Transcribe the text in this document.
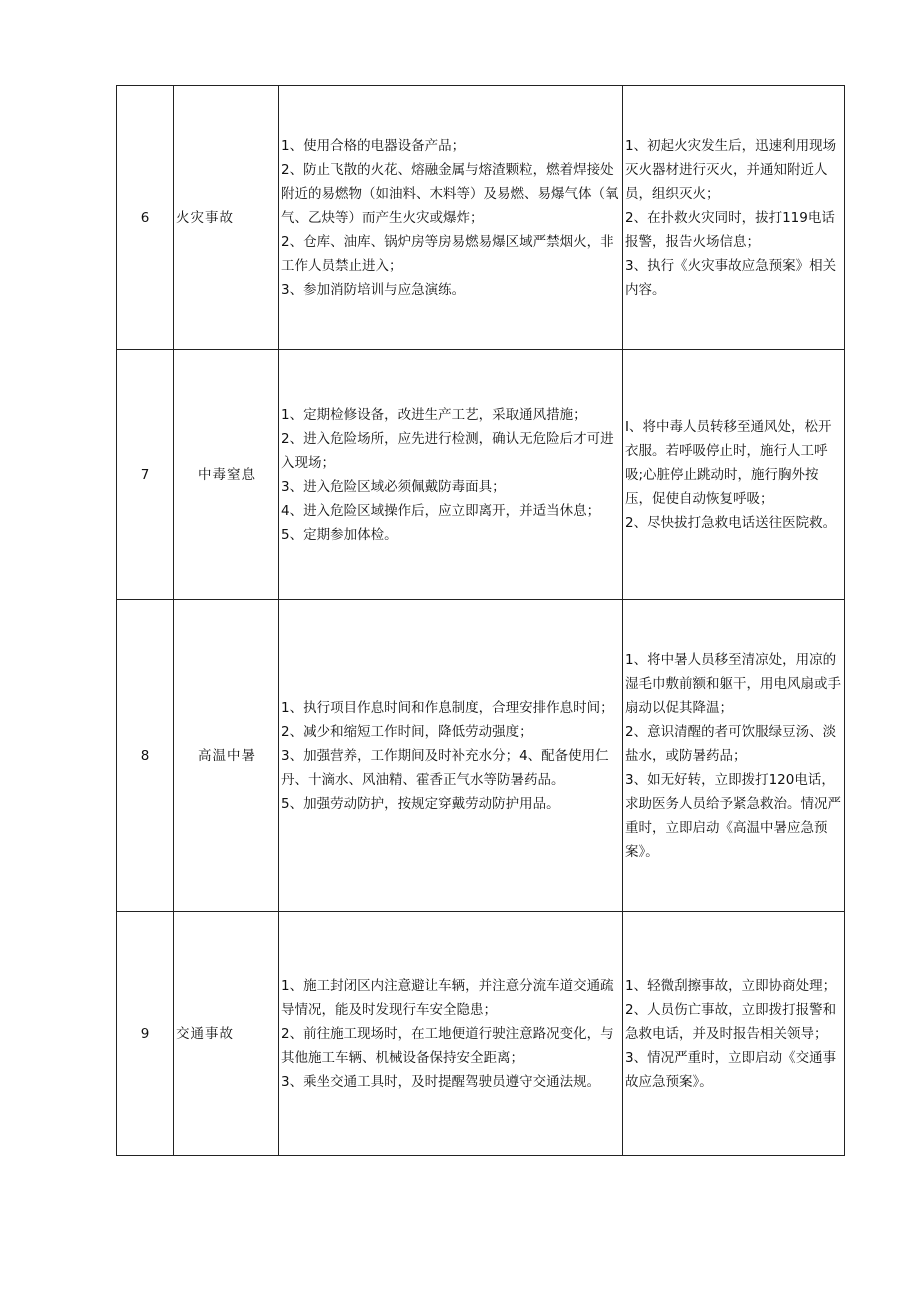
6	火灾事故	1、使用合格的电器设备产品；
2、防止飞散的火花、熔融金属与熔渣颗粒，燃着焊接处附近的易燃物（如油料、木料等）及易燃、易爆气体（氧气、乙炔等）而产生火灾或爆炸；
2、仓库、油库、锅炉房等房易燃易爆区域严禁烟火，非工作人员禁止进入；
3、参加消防培训与应急演练。	1、初起火灾发生后，迅速利用现场灭火器材进行灭火，并通知附近人员，组织灭火；
2、在扑救火灾同时，拔打119电话报警，报告火场信息；
3、执行《火灾事故应急预案》相关内容。

7	中毒窒息	1、定期检修设备，改进生产工艺，采取通风措施；
2、进入危险场所，应先进行检测，确认无危险后才可进入现场；
3、进入危险区域必须佩戴防毒面具；
4、进入危险区域操作后，应立即离开，并适当休息；
5、定期参加体检。	I、将中毒人员转移至通风处，松开衣服。若呼吸停止时，施行人工呼吸;心脏停止跳动时，施行胸外按压，促使自动恢复呼吸；
2、尽快拔打急救电话送往医院救。

8	高温中暑	1、执行项目作息时间和作息制度，合理安排作息时间；
2、减少和缩短工作时间，降低劳动强度；
3、加强营养，工作期间及时补充水分；4、配备使用仁丹、十滴水、风油精、霍香正气水等防暑药品。
5、加强劳动防护，按规定穿戴劳动防护用品。	1、将中暑人员移至清凉处，用凉的湿毛巾敷前额和躯干，用电风扇或手扇动以促其降温；
2、意识清醒的者可饮服绿豆汤、淡盐水，或防暑药品；
3、如无好转，立即拨打120电话，求助医务人员给予紧急救治。情况严重时，立即启动《高温中暑应急预案》。

9	交通事故	1、施工封闭区内注意避让车辆，并注意分流车道交通疏导情况，能及时发现行车安全隐患；
2、前往施工现场时，在工地便道行驶注意路况变化，与其他施工车辆、机械设备保持安全距离；
3、乘坐交通工具时，及时提醒驾驶员遵守交通法规。	1、轻微刮擦事故，立即协商处理；
2、人员伤亡事故，立即拨打报警和急救电话，并及时报告相关领导；
3、情况严重时，立即启动《交通事故应急预案》。
